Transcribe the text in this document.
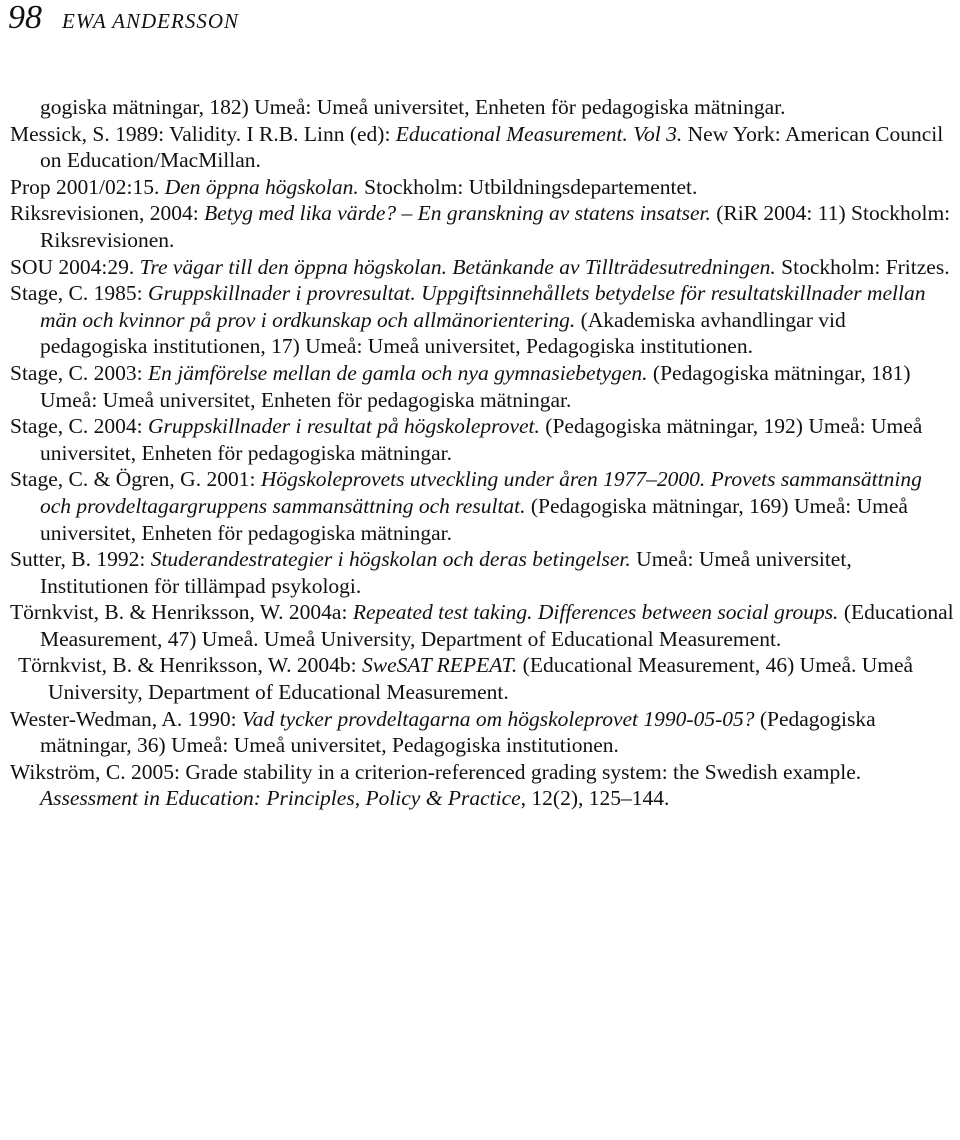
98 EWA ANDERSSON

gogiska mätningar, 182) Umeå: Umeå universitet, Enheten för pedagogiska mätningar.

Messick, S. 1989: Validity. I R.B. Linn (ed): Educational Measurement. Vol 3. New York: American Council on Education/MacMillan.

Prop 2001/02:15. Den öppna högskolan. Stockholm: Utbildningsdepartementet.

Riksrevisionen, 2004: Betyg med lika värde? – En granskning av statens insatser. (RiR 2004: 11) Stockholm: Riksrevisionen.

SOU 2004:29. Tre vägar till den öppna högskolan. Betänkande av Tillträdesutredningen. Stockholm: Fritzes.

Stage, C. 1985: Gruppskillnader i provresultat. Uppgiftsinnehållets betydelse för resultatskillnader mellan män och kvinnor på prov i ordkunskap och allmänorientering. (Akademiska avhandlingar vid pedagogiska institutionen, 17) Umeå: Umeå universitet, Pedagogiska institutionen.

Stage, C. 2003: En jämförelse mellan de gamla och nya gymnasiebetygen. (Pedagogiska mätningar, 181) Umeå: Umeå universitet, Enheten för pedagogiska mätningar.

Stage, C. 2004: Gruppskillnader i resultat på högskoleprovet. (Pedagogiska mätningar, 192) Umeå: Umeå universitet, Enheten för pedagogiska mätningar.

Stage, C. & Ögren, G. 2001: Högskoleprovets utveckling under åren 1977–2000. Provets sammansättning och provdeltagargruppens sammansättning och resultat. (Pedagogiska mätningar, 169) Umeå: Umeå universitet, Enheten för pedagogiska mätningar.

Sutter, B. 1992: Studerandestrategier i högskolan och deras betingelser. Umeå: Umeå universitet, Institutionen för tillämpad psykologi.

Törnkvist, B. & Henriksson, W. 2004a: Repeated test taking. Differences between social groups. (Educational Measurement, 47) Umeå. Umeå University, Department of Educational Measurement.

Törnkvist, B. & Henriksson, W. 2004b: SweSAT REPEAT. (Educational Measurement, 46) Umeå. Umeå University, Department of Educational Measurement.

Wester-Wedman, A. 1990: Vad tycker provdeltagarna om högskoleprovet 1990-05-05? (Pedagogiska mätningar, 36) Umeå: Umeå universitet, Pedagogiska institutionen.

Wikström, C. 2005: Grade stability in a criterion-referenced grading system: the Swedish example. Assessment in Education: Principles, Policy & Practice, 12(2), 125–144.
